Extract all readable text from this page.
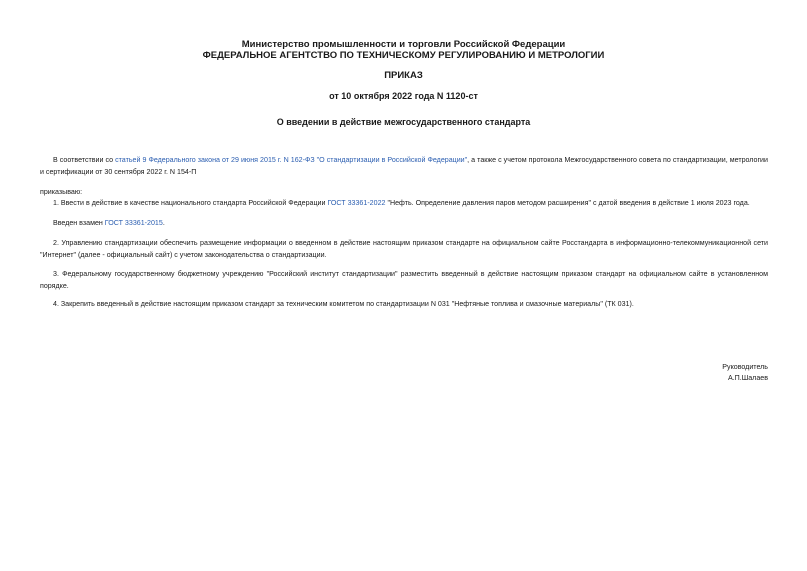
Министерство промышленности и торговли Российской Федерации
ФЕДЕРАЛЬНОЕ АГЕНТСТВО ПО ТЕХНИЧЕСКОМУ РЕГУЛИРОВАНИЮ И МЕТРОЛОГИИ
ПРИКАЗ
от 10 октября 2022 года N 1120-ст
О введении в действие межгосударственного стандарта
В соответствии со статьей 9 Федерального закона от 29 июня 2015 г. N 162-ФЗ "О стандартизации в Российской Федерации", а также с учетом протокола Межгосударственного совета по стандартизации, метрологии и сертификации от 30 сентября 2022 г. N 154-П
приказываю:
1. Ввести в действие в качестве национального стандарта Российской Федерации ГОСТ 33361-2022 "Нефть. Определение давления паров методом расширения" с датой введения в действие 1 июля 2023 года.
Введен взамен ГОСТ 33361-2015.
2. Управлению стандартизации обеспечить размещение информации о введенном в действие настоящим приказом стандарте на официальном сайте Росстандарта в информационно-телекоммуникационной сети "Интернет" (далее - официальный сайт) с учетом законодательства о стандартизации.
3. Федеральному государственному бюджетному учреждению "Российский институт стандартизации" разместить введенный в действие настоящим приказом стандарт на официальном сайте в установленном порядке.
4. Закрепить введенный в действие настоящим приказом стандарт за техническим комитетом по стандартизации N 031 "Нефтяные топлива и смазочные материалы" (ТК 031).
Руководитель
А.П.Шалаев
